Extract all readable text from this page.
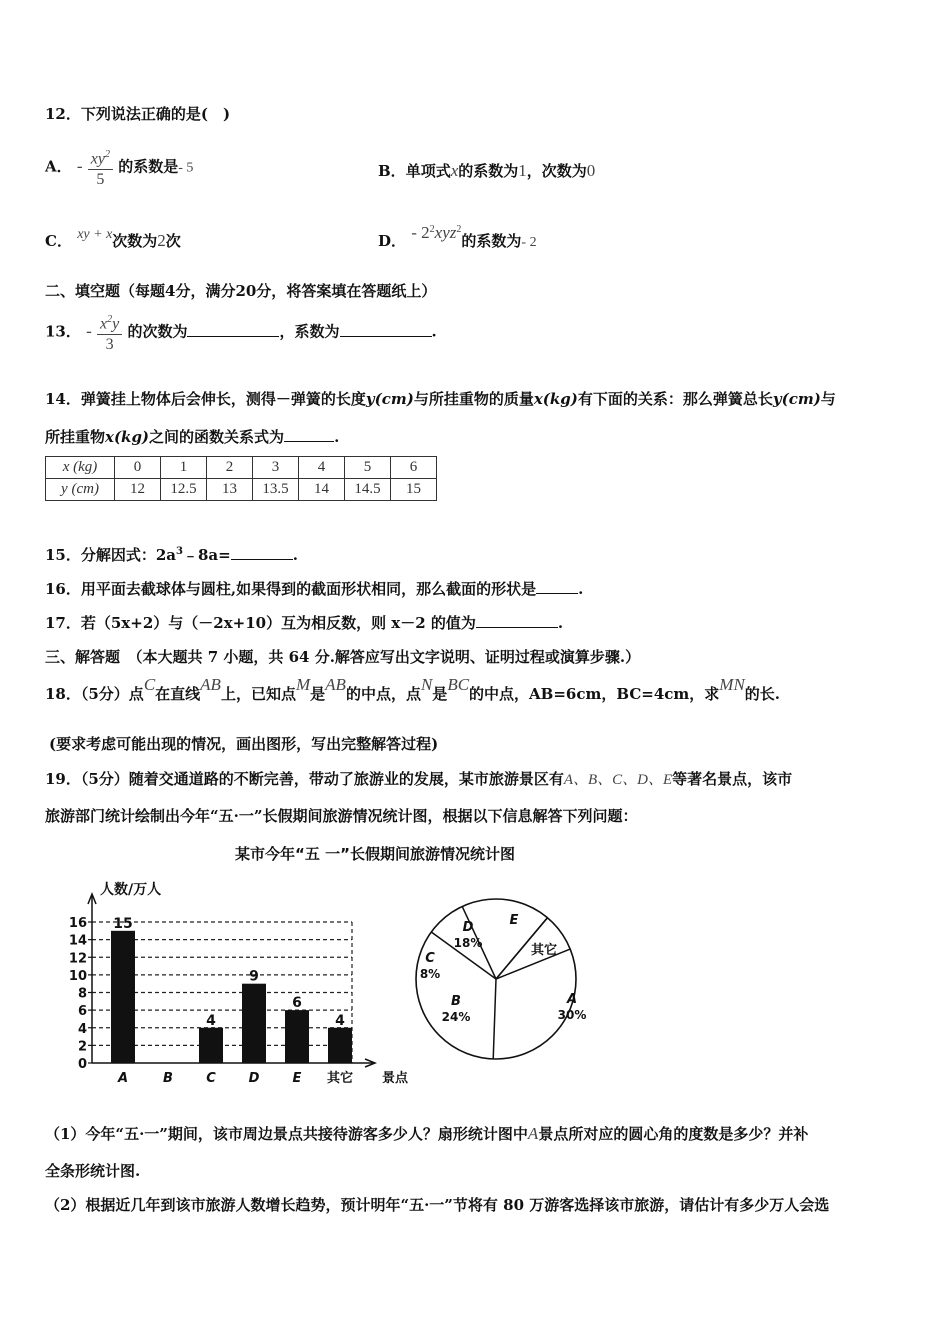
12．下列说法正确的是(　)
A． - $\frac{xy^2}{5}$ 的系数是- 5	B．单项式x的系数为1，次数为0
C． xy + x次数为2次	D． - $2^2xyz^2$的系数为- 2
二、填空题（每题4分，满分20分，将答案填在答题纸上）
13． - $\frac{x^2y}{3}$ 的次数为	，系数为	.
14．弹簧挂上物体后会伸长，测得－弹簧的长度y(cm)与所挂重物的质量x(kg)有下面的关系：那么弹簧总长y(cm)与
所挂重物x(kg)之间的函数关系式为	.
x (kg)	0	1	2	3	4	5	6
y (cm)	12	12.5	13	13.5	14	14.5	15
15．分解因式：$2a^3﹣8a=$	.
16．用平面去截球体与圆柱,如果得到的截面形状相同，那么截面的形状是	.
17．若（5x+2）与（－2x+10）互为相反数，则 x－2 的值为	.
三、解答题　（本大题共 7 小题，共 64 分.解答应写出文字说明、证明过程或演算步骤.）
18．（5分）点C在直线AB上，已知点M是AB的中点，点N是BC的中点，AB=6cm，BC=4cm，求MN的长.
(要求考虑可能出现的情况，画出图形，写出完整解答过程)
19．（5分）随着交通道路的不断完善，带动了旅游业的发展，某市旅游景区有A、B、C、D、E等著名景点，该市
旅游部门统计绘制出今年“五·一”长假期间旅游情况统计图，根据以下信息解答下列问题：
某市今年“五 一”长假期间旅游情况统计图
人数/万人
0
2
4
6
8
10
12
14
16 15
A	B
4
C
9
D
6
E
4
其它 景点
A
30%
B
24%
C
8%
D
18%
E
其它
（1）今年“五·一”期间，该市周边景点共接待游客多少人？扇形统计图中A景点所对应的圆心角的度数是多少？并补
全条形统计图.
（2）根据近几年到该市旅游人数增长趋势，预计明年“五·一”节将有 80 万游客选择该市旅游，请估计有多少万人会选
